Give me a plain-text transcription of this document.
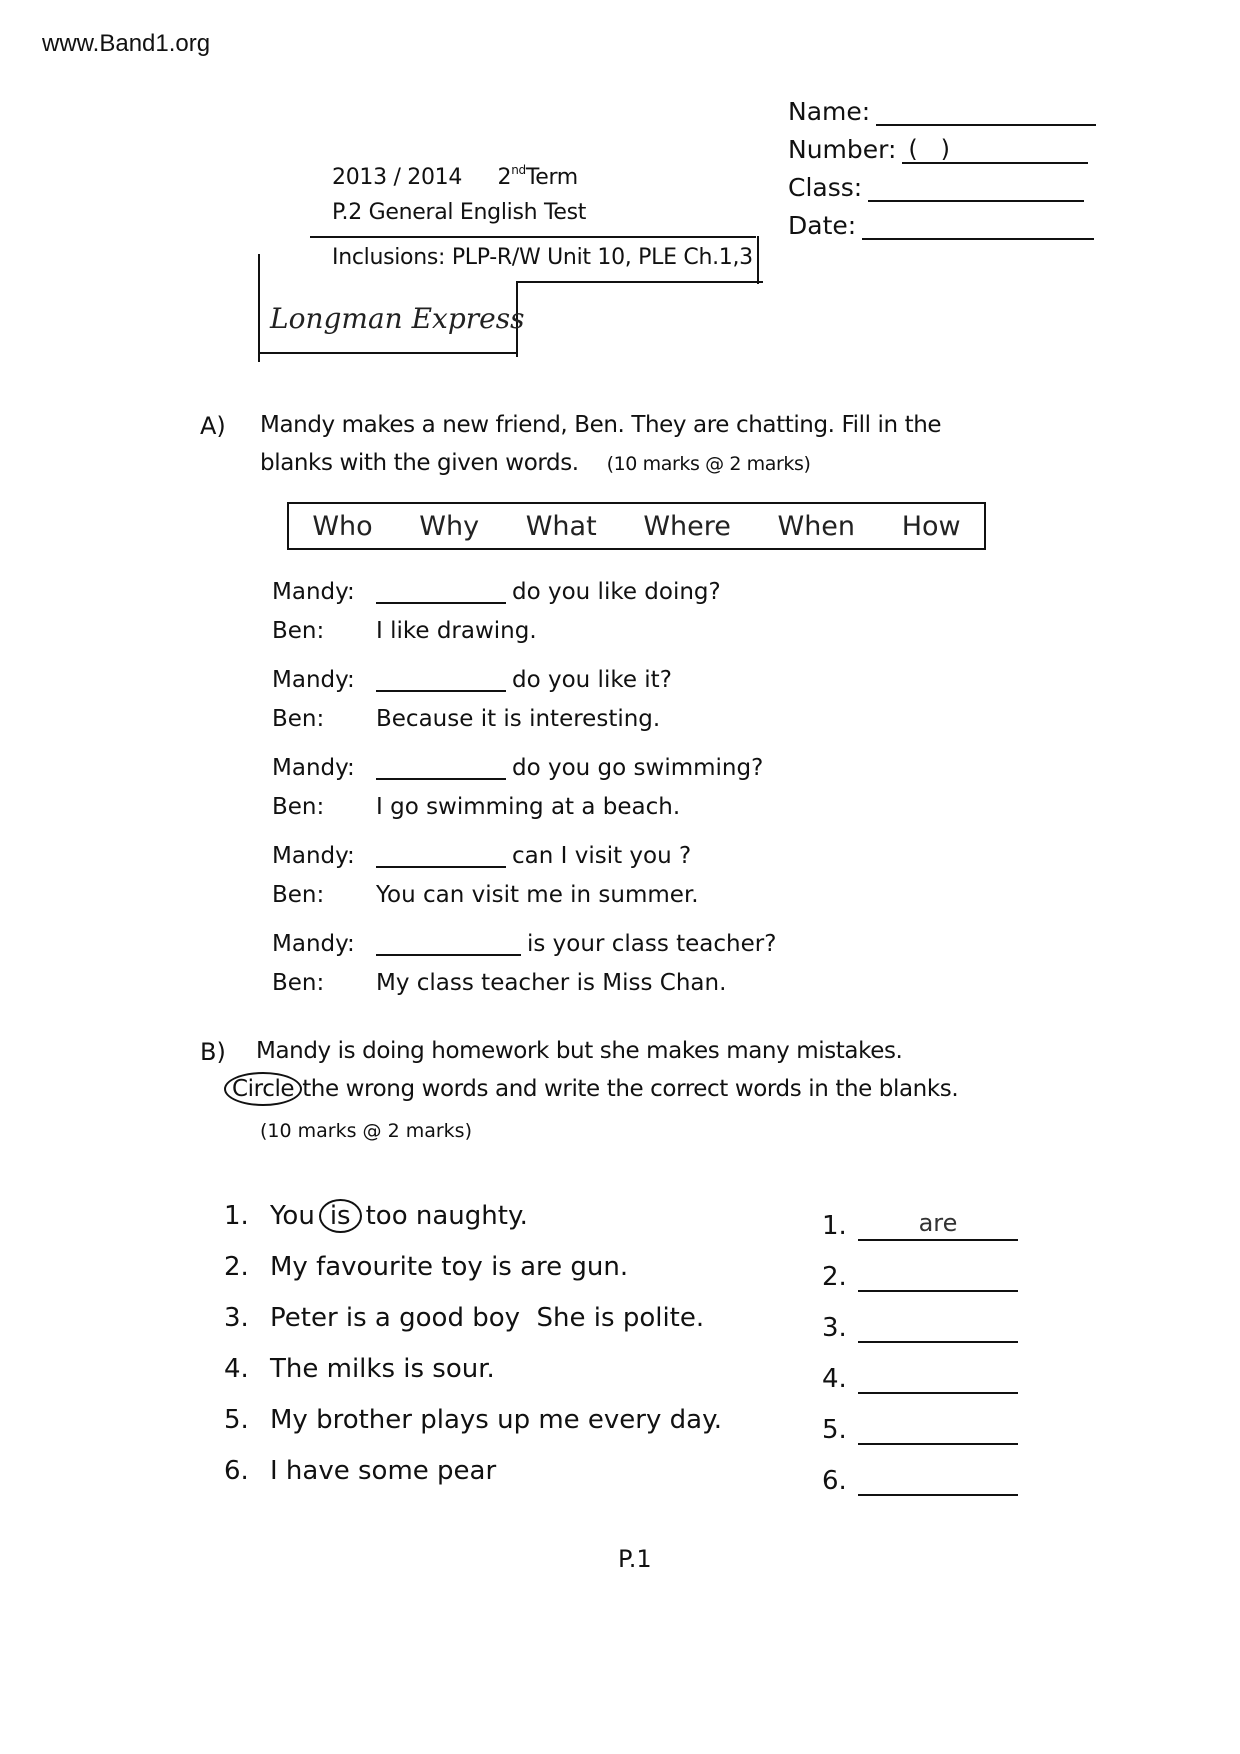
www.Band1.org
Name:
Number: (   )
Class:
Date:
2013 / 2014 2ndTerm
P.2 General English Test
Inclusions: PLP-R/W Unit 10, PLE Ch.1,3
Longman Express
A) Mandy makes a new friend, Ben. They are chatting. Fill in the
blanks with the given words. (10 marks @ 2 marks)
Who Why What Where When How
Mandy:	do you like doing?
Ben:	I like drawing.
Mandy:	do you like it?
Ben:	Because it is interesting.
Mandy:	do you go swimming?
Ben:	I go swimming at a beach.
Mandy:	can I visit you ?
Ben:	You can visit me in summer.
Mandy:	is your class teacher?
Ben:	My class teacher is Miss Chan.
B) Mandy is doing homework but she makes many mistakes.
Circle the wrong words and write the correct words in the blanks.
(10 marks @ 2 marks)
1. You is too naughty.
2. My favourite toy is are gun.
3. Peter is a good boy  She is polite.
4. The milks is sour.
5. My brother plays up me every day.
6. I have some pear
1.	are
2.
3.
4.
5.
6.
P.1
